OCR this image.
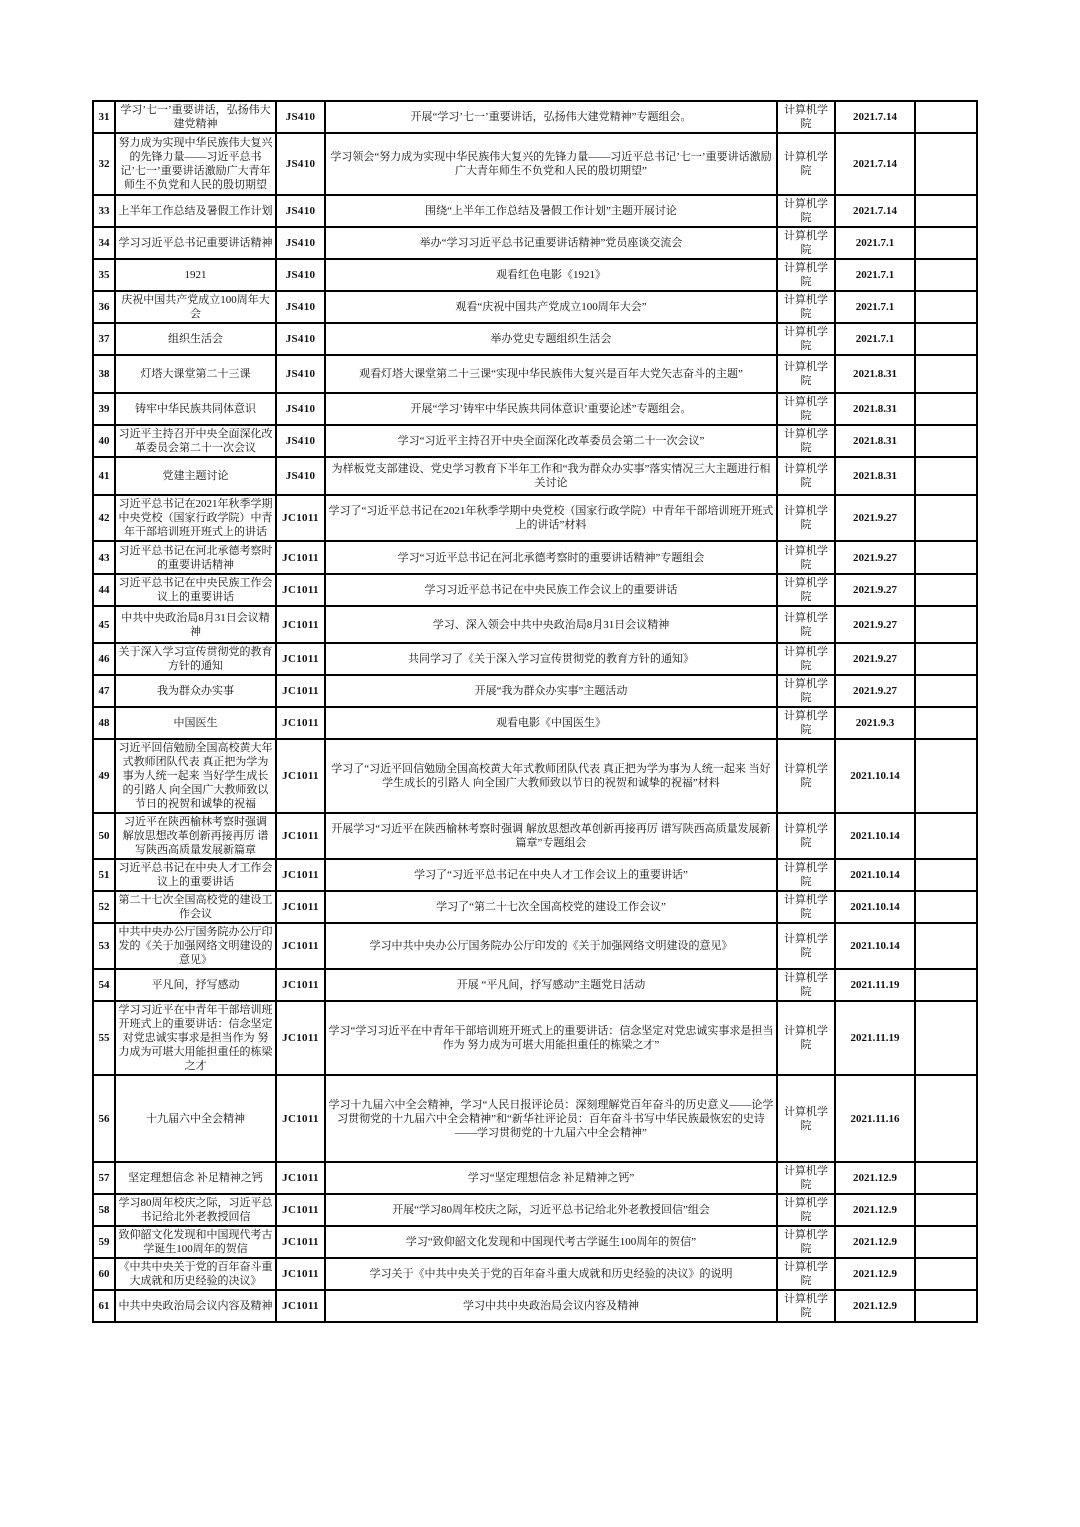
31	学习’七一’重要讲话，弘扬伟大建党精神	JS410	开展“学习’七一’重要讲话，弘扬伟大建党精神”专题组会。	计算机学院	2021.7.14	
32	努力成为实现中华民族伟大复兴的先锋力量——习近平总书记’七一’重要讲话激励广大青年师生不负党和人民的殷切期望	JS410	学习领会“努力成为实现中华民族伟大复兴的先锋力量——习近平总书记’七一’重要讲话激励广大青年师生不负党和人民的殷切期望”	计算机学院	2021.7.14	
33	上半年工作总结及暑假工作计划	JS410	围绕“上半年工作总结及暑假工作计划”主题开展讨论	计算机学院	2021.7.14	
34	学习习近平总书记重要讲话精神	JS410	举办“学习习近平总书记重要讲话精神”党员座谈交流会	计算机学院	2021.7.1	
35	1921	JS410	观看红色电影《1921》	计算机学院	2021.7.1	
36	庆祝中国共产党成立100周年大会	JS410	观看“庆祝中国共产党成立100周年大会”	计算机学院	2021.7.1	
37	组织生活会	JS410	举办党史专题组织生活会	计算机学院	2021.7.1	
38	灯塔大课堂第二十三课	JS410	观看灯塔大课堂第二十三课“实现中华民族伟大复兴是百年大党矢志奋斗的主题”	计算机学院	2021.8.31	
39	铸牢中华民族共同体意识	JS410	开展“学习’铸牢中华民族共同体意识’重要论述”专题组会。	计算机学院	2021.8.31	
40	习近平主持召开中央全面深化改革委员会第二十一次会议	JS410	学习“习近平主持召开中央全面深化改革委员会第二十一次会议”	计算机学院	2021.8.31	
41	党建主题讨论	JS410	为样板党支部建设、党史学习教育下半年工作和“我为群众办实事”落实情况三大主题进行相关讨论	计算机学院	2021.8.31	
42	习近平总书记在2021年秋季学期中央党校（国家行政学院）中青年干部培训班开班式上的讲话	JC1011	学习了“习近平总书记在2021年秋季学期中央党校（国家行政学院）中青年干部培训班开班式上的讲话”材料	计算机学院	2021.9.27	
43	习近平总书记在河北承德考察时的重要讲话精神	JC1011	学习“习近平总书记在河北承德考察时的重要讲话精神”专题组会	计算机学院	2021.9.27	
44	习近平总书记在中央民族工作会议上的重要讲话	JC1011	学习习近平总书记在中央民族工作会议上的重要讲话	计算机学院	2021.9.27	
45	中共中央政治局8月31日会议精神	JC1011	学习、深入领会中共中央政治局8月31日会议精神	计算机学院	2021.9.27	
46	关于深入学习宣传贯彻党的教育方针的通知	JC1011	共同学习了《关于深入学习宣传贯彻党的教育方针的通知》	计算机学院	2021.9.27	
47	我为群众办实事	JC1011	开展“我为群众办实事”主题活动	计算机学院	2021.9.27	
48	中国医生	JC1011	观看电影《中国医生》	计算机学院	2021.9.3	
49	习近平回信勉励全国高校黄大年式教师团队代表 真正把为学为事为人统一起来 当好学生成长的引路人 向全国广大教师致以节日的祝贺和诚挚的祝福	JC1011	学习了“习近平回信勉励全国高校黄大年式教师团队代表 真正把为学为事为人统一起来 当好学生成长的引路人 向全国广大教师致以节日的祝贺和诚挚的祝福”材料	计算机学院	2021.10.14	
50	习近平在陕西榆林考察时强调 解放思想改革创新再接再厉 谱写陕西高质量发展新篇章	JC1011	开展学习“习近平在陕西榆林考察时强调 解放思想改革创新再接再厉 谱写陕西高质量发展新篇章”专题组会	计算机学院	2021.10.14	
51	习近平总书记在中央人才工作会议上的重要讲话	JC1011	学习了“习近平总书记在中央人才工作会议上的重要讲话”	计算机学院	2021.10.14	
52	第二十七次全国高校党的建设工作会议	JC1011	学习了“第二十七次全国高校党的建设工作会议”	计算机学院	2021.10.14	
53	中共中央办公厅国务院办公厅印发的《关于加强网络文明建设的意见》	JC1011	学习中共中央办公厅国务院办公厅印发的《关于加强网络文明建设的意见》	计算机学院	2021.10.14	
54	平凡间，抒写感动	JC1011	开展 “平凡间，抒写感动”主题党日活动	计算机学院	2021.11.19	
55	学习习近平在中青年干部培训班开班式上的重要讲话：信念坚定对党忠诚实事求是担当作为 努力成为可堪大用能担重任的栋梁之才	JC1011	学习“学习习近平在中青年干部培训班开班式上的重要讲话：信念坚定对党忠诚实事求是担当作为 努力成为可堪大用能担重任的栋梁之才”	计算机学院	2021.11.19	
56	十九届六中全会精神	JC1011	学习十九届六中全会精神，学习“人民日报评论员：深刻理解党百年奋斗的历史意义——论学习贯彻党的十九届六中全会精神”和“新华社评论员：百年奋斗书写中华民族最恢宏的史诗——学习贯彻党的十九届六中全会精神”	计算机学院	2021.11.16	
57	坚定理想信念 补足精神之钙	JC1011	学习“坚定理想信念 补足精神之钙”	计算机学院	2021.12.9	
58	学习80周年校庆之际，习近平总书记给北外老教授回信	JC1011	开展“学习80周年校庆之际，习近平总书记给北外老教授回信”组会	计算机学院	2021.12.9	
59	致仰韶文化发现和中国现代考古学诞生100周年的贺信	JC1011	学习“致仰韶文化发现和中国现代考古学诞生100周年的贺信”	计算机学院	2021.12.9	
60	《中共中央关于党的百年奋斗重大成就和历史经验的决议》	JC1011	学习关于《中共中央关于党的百年奋斗重大成就和历史经验的决议》的说明	计算机学院	2021.12.9	
61	中共中央政治局会议内容及精神	JC1011	学习中共中央政治局会议内容及精神	计算机学院	2021.12.9	
